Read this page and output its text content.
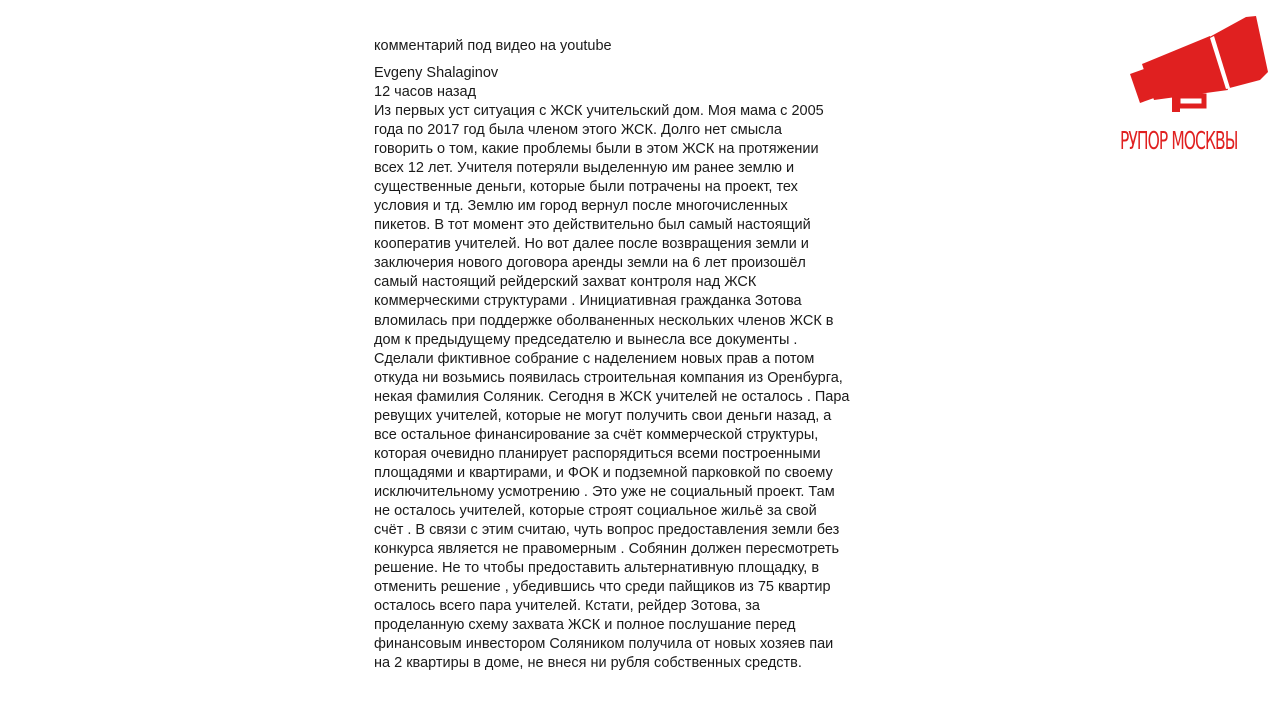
комментарий под видео на youtube
Evgeny Shalaginov
12 часов назад
Из первых уст ситуация с ЖСК учительский дом. Моя мама с 2005
года по 2017 год была членом этого ЖСК. Долго нет смысла
говорить о том, какие проблемы были в этом ЖСК на протяжении
всех 12 лет. Учителя потеряли выделенную им ранее землю и
существенные деньги, которые были потрачены на проект, тех
условия и тд. Землю им город вернул после многочисленных
пикетов. В тот момент это действительно был самый настоящий
кооператив учителей. Но вот далее после возвращения земли и
заключерия нового договора аренды земли на 6 лет произошёл
самый настоящий рейдерский захват контроля над ЖСК
коммерческими структурами . Инициативная гражданка Зотова
вломилась при поддержке оболваненных нескольких членов ЖСК в
дом к предыдущему председателю и вынесла все документы .
Сделали фиктивное собрание с наделением новых прав а потом
откуда ни возьмись появилась строительная компания из Оренбурга,
некая фамилия Соляник. Сегодня в ЖСК учителей не осталось . Пара
ревущих учителей, которые не могут получить свои деньги назад, а
все остальное финансирование за счёт коммерческой структуры,
которая очевидно планирует распорядиться всеми построенными
площадями и квартирами, и ФОК и подземной парковкой по своему
исключительному усмотрению . Это уже не социальный проект. Там
не осталось учителей, которые строят социальное жильё за свой
счёт . В связи с этим считаю, чуть вопрос предоставления земли без
конкурса является не правомерным . Собянин должен пересмотреть
решение. Не то чтобы предоставить альтернативную площадку, в
отменить решение , убедившись что среди пайщиков из 75 квартир
осталось всего пара учителей. Кстати, рейдер Зотова, за
проделанную схему захвата ЖСК и полное послушание перед
финансовым инвестором Соляником получила от новых хозяев паи
на 2 квартиры в доме, не внеся ни рубля собственных средств.
РУПОР МОСКВЫ
